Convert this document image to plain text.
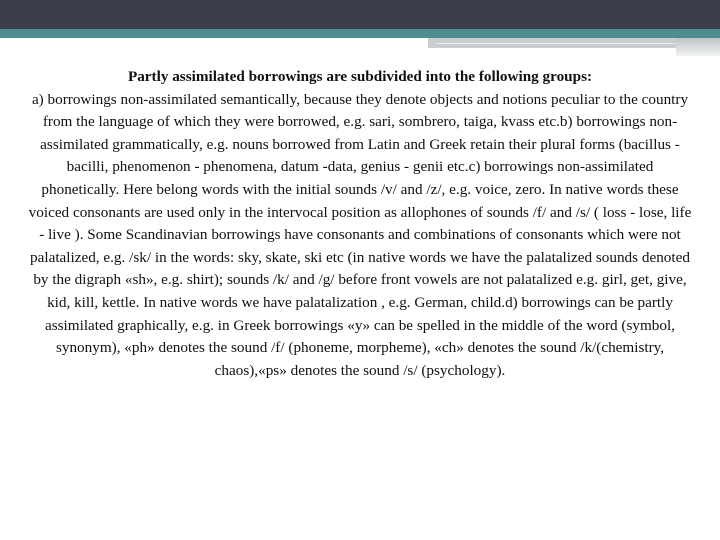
Partly assimilated borrowings are subdivided into the following groups:
a) borrowings non-assimilated semantically, because they denote objects and notions peculiar to the country from the language of which they were borrowed, e.g. sari, sombrero, taiga, kvass etc.b) borrowings non-assimilated grammatically, e.g. nouns borrowed from Latin and Greek retain their plural forms (bacillus - bacilli, phenomenon - phenomena, datum -data, genius - genii etc.c) borrowings non-assimilated phonetically. Here belong words with the initial sounds /v/ and /z/, e.g. voice, zero. In native words these voiced consonants are used only in the intervocal position as allophones of sounds /f/ and /s/ ( loss - lose, life - live ). Some Scandinavian borrowings have consonants and combinations of consonants which were not palatalized, e.g. /sk/ in the words: sky, skate, ski etc (in native words we have the palatalized sounds denoted by the digraph «sh», e.g. shirt); sounds /k/ and /g/ before front vowels are not palatalized e.g. girl, get, give, kid, kill, kettle. In native words we have palatalization , e.g. German, child.d) borrowings can be partly assimilated graphically, e.g. in Greek borrowings «y» can be spelled in the middle of the word (symbol, synonym), «ph» denotes the sound /f/ (phoneme, morpheme), «ch» denotes the sound /k/(chemistry, chaos),«ps» denotes the sound /s/ (psychology).
